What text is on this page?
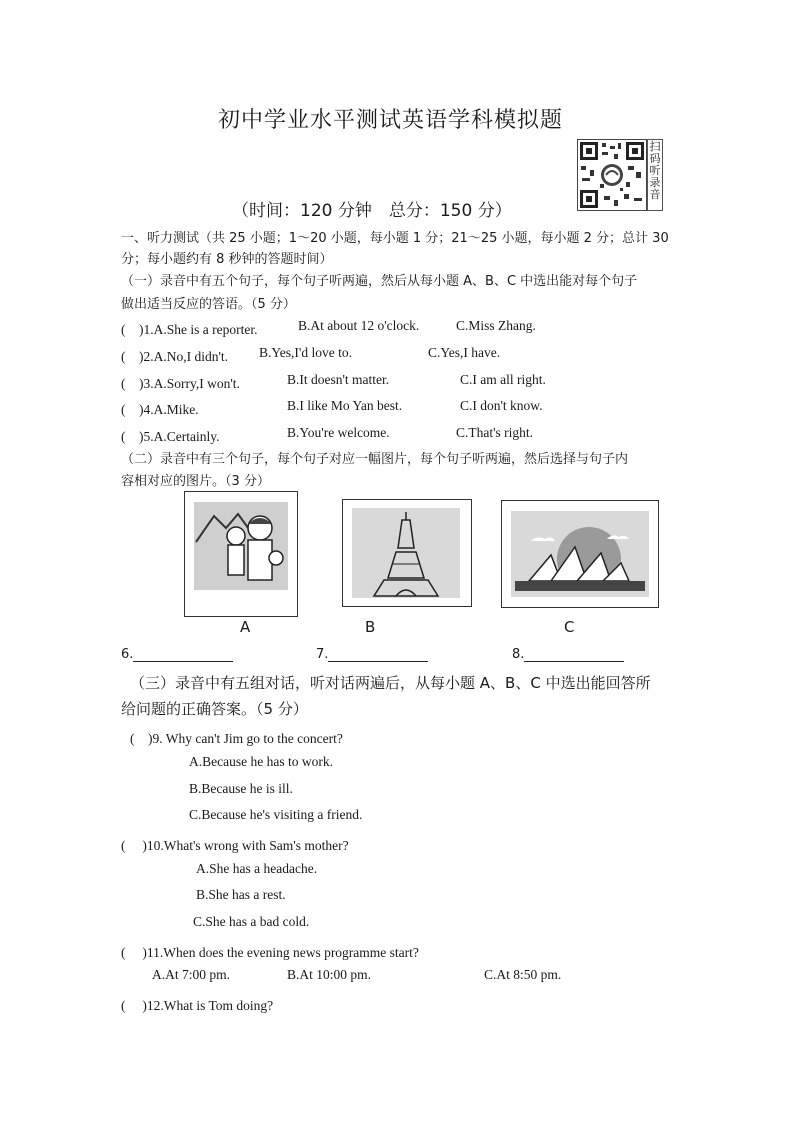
初中学业水平测试英语学科模拟题
扫码听录音
（时间：120 分钟　总分：150 分）
一、听力测试（共 25 小题；1～20 小题，每小题 1 分；21～25 小题，每小题 2 分；总计 30
分；每小题约有 8 秒钟的答题时间）
（一）录音中有五个句子，每个句子听两遍，然后从每小题 A、B、C 中选出能对每个句子
做出适当反应的答语。（5 分）
(　)1.A.She is a reporter.	B.At about 12 o'clock.	C.Miss Zhang.
(　)2.A.No,I didn't. B.Yes,I'd love to.	C.Yes,I have.
(　)3.A.Sorry,I won't.	B.It doesn't matter.	C.I am all right.
(　)4.A.Mike.	B.I like Mo Yan best.	C.I don't know.
(　)5.A.Certainly.	B.You're welcome.	C.That's right.
（二）录音中有三个句子，每个句子对应一幅图片，每个句子听两遍，然后选择与句子内
容相对应的图片。（3 分）
A	B	C
6.	7.	8.
（三）录音中有五组对话，听对话两遍后，从每小题 A、B、C 中选出能回答所
给问题的正确答案。（5 分）
(　)9. Why can't Jim go to the concert?
A.Because he has to work.
B.Because he is ill.
C.Because he's visiting a friend.
(　 )10.What's wrong with Sam's mother?
A.She has a headache.
B.She has a rest.
C.She has a bad cold.
(　 )11.When does the evening news programme start?
A.At 7:00 pm.	B.At 10:00 pm.	C.At 8:50 pm.
(　 )12.What is Tom doing?
